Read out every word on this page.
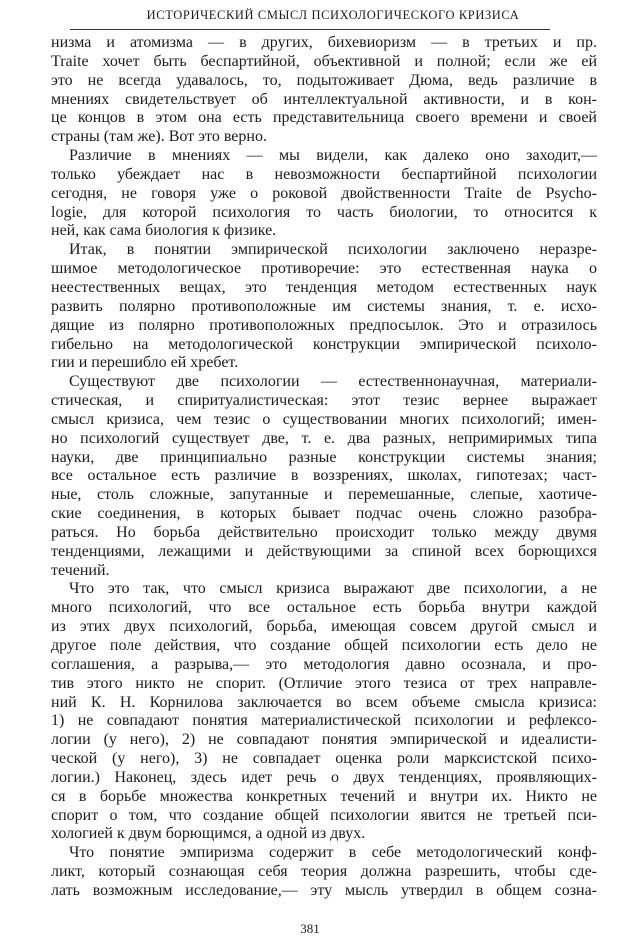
ИСТОРИЧЕСКИЙ СМЫСЛ ПСИХОЛОГИЧЕСКОГО КРИЗИСА
низма и атомизма — в других, бихевиоризм — в третьих и пр.
Traite хочет быть беспартийной, объективной и полной; если же ей
это не всегда удавалось, то, подытоживает Дюма, ведь различие в
мнениях свидетельствует об интеллектуальной активности, и в кон-
це концов в этом она есть представительница своего времени и своей
страны (там же). Вот это верно.
Различие в мнениях — мы видели, как далеко оно заходит,—
только убеждает нас в невозможности беспартийной психологии
сегодня, не говоря уже о роковой двойственности Traite de Psycho-
logie, для которой психология то часть биологии, то относится к
ней, как сама биология к физике.
Итак, в понятии эмпирической психологии заключено неразре-
шимое методологическое противоречие: это естественная наука о
неестественных вещах, это тенденция методом естественных наук
развить полярно противоположные им системы знания, т. е. исхо-
дящие из полярно противоположных предпосылок. Это и отразилось
гибельно на методологической конструкции эмпирической психоло-
гии и перешибло ей хребет.
Существуют две психологии — естественнонаучная, материали-
стическая, и спиритуалистическая: этот тезис вернее выражает
смысл кризиса, чем тезис о существовании многих психологий; имен-
но психологий существует две, т. е. два разных, непримиримых типа
науки, две принципиально разные конструкции системы знания;
все остальное есть различие в воззрениях, школах, гипотезах; част-
ные, столь сложные, запутанные и перемешанные, слепые, хаотиче-
ские соединения, в которых бывает подчас очень сложно разобра-
раться. Но борьба действительно происходит только между двумя
тенденциями, лежащими и действующими за спиной всех борющихся
течений.
Что это так, что смысл кризиса выражают две психологии, а не
много психологий, что все остальное есть борьба внутри каждой
из этих двух психологий, борьба, имеющая совсем другой смысл и
другое поле действия, что создание общей психологии есть дело не
соглашения, а разрыва,— это методология давно осознала, и про-
тив этого никто не спорит. (Отличие этого тезиса от трех направле-
ний К. Н. Корнилова заключается во всем объеме смысла кризиса:
1) не совпадают понятия материалистической психологии и рефлексо-
логии (у него), 2) не совпадают понятия эмпирической и идеалисти-
ческой (у него), 3) не совпадает оценка роли марксистской психо-
логии.) Наконец, здесь идет речь о двух тенденциях, проявляющих-
ся в борьбе множества конкретных течений и внутри их. Никто не
спорит о том, что создание общей психологии явится не третьей пси-
хологией к двум борющимся, а одной из двух.
Что понятие эмпиризма содержит в себе методологический конф-
ликт, который сознающая себя теория должна разрешить, чтобы сде-
лать возможным исследование,— эту мысль утвердил в общем созна-
381
